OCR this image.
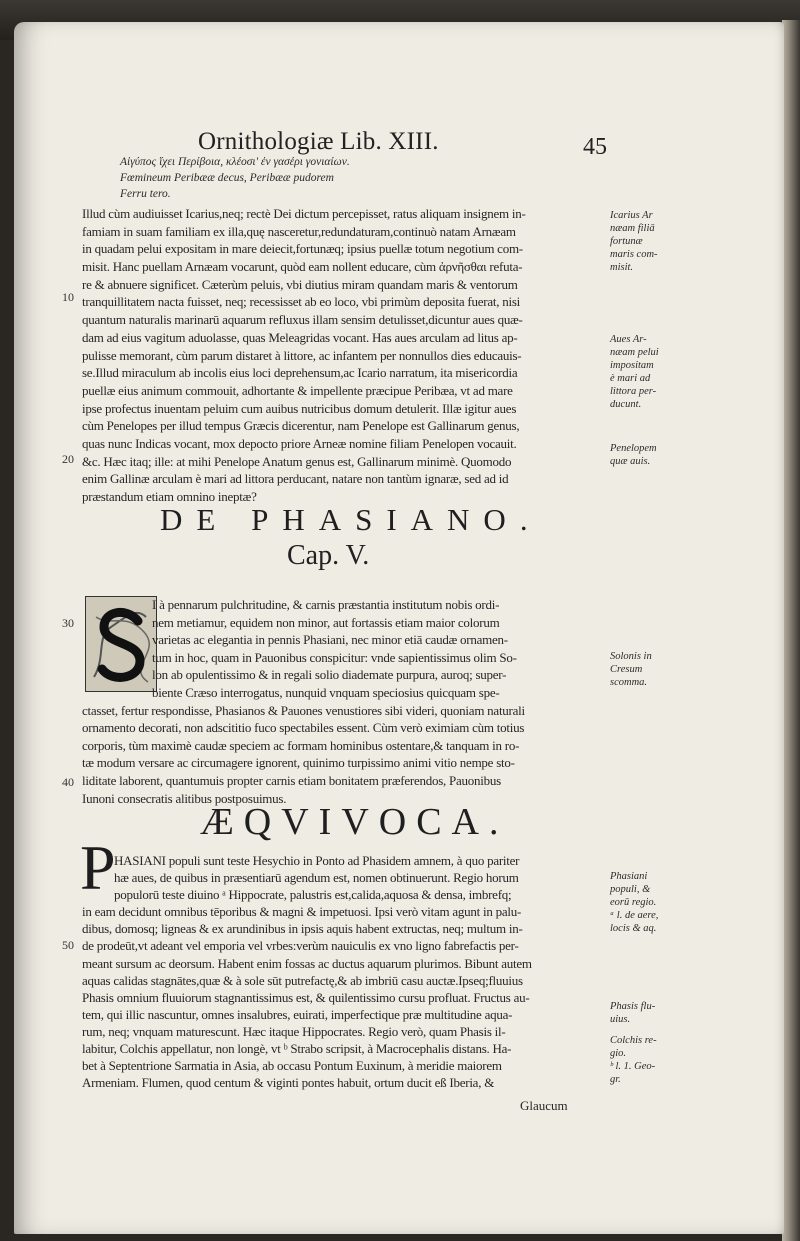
Ornithologiæ Lib. XIII.	45
Αἰγύπος ἴχει Περίβοια, κλέοσι' ἐν γασέρι γονιαίων.
Fœmineum Peribææ decus, Peribææ pudorem
Ferru tero.
Illud cùm audiuisset Icarius,neq; rectè Dei dictum percepisset, ratus aliquam insignem in-
famiam in suam familiam ex illa,quę nasceretur,redundaturam,continuò natam Arnæam
in quadam pelui expositam in mare deiecit,fortunæq; ipsius puellæ totum negotium com-
misit. Hanc puellam Arnæam vocarunt, quòd eam nollent educare, cùm ἀρνῆσθαι refuta-
re & abnuere significet. Cæterùm peluis, vbi diutius miram quandam maris & ventorum
tranquillitatem nacta fuisset, neq; recessisset ab eo loco, vbi primùm deposita fuerat, nisi
quantum naturalis marinarū aquarum refluxus illam sensim detulisset,dicuntur aues quæ-
dam ad eius vagitum aduolasse, quas Meleagridas vocant. Has aues arculam ad litus ap-
pulisse memorant, cùm parum distaret à littore, ac infantem per nonnullos dies educauis-
se.Illud miraculum ab incolis eius loci deprehensum,ac Icario narratum, ita misericordia
puellæ eius animum commouit, adhortante & impellente præcipue Peribæa, vt ad mare
ipse profectus inuentam peluim cum auibus nutricibus domum detulerit. Illæ igitur aues
cùm Penelopes per illud tempus Græcis dicerentur, nam Penelope est Gallinarum genus,
quas nunc Indicas vocant, mox depocto priore Arneæ nomine filiam Penelopen vocauit.
&c. Hæc itaq; ille: at mihi Penelope Anatum genus est, Gallinarum minimè. Quomodo
enim Gallinæ arculam è mari ad littora perducant, natare non tantùm ignaræ, sed ad id
præstandum etiam omnino ineptæ?
10
20
30
40
50
DE PHASIANO.
Cap. V.
I à pennarum pulchritudine, & carnis præstantia institutum nobis ordi-
nem metiamur, equidem non minor, aut fortassis etiam maior colorum
varietas ac elegantia in pennis Phasiani, nec minor etiā caudæ ornamen-
tum in hoc, quam in Pauonibus conspicitur: vnde sapientissimus olim So-
lon ab opulentissimo & in regali solio diademate purpura, auroq; super-
biente Cræso interrogatus, nunquid vnquam speciosius quicquam spe-
ctasset, fertur respondisse, Phasianos & Pauones venustiores sibi videri, quoniam naturali
ornamento decorati, non adscititio fuco spectabiles essent. Cùm verò eximiam cùm totius
corporis, tùm maximè caudæ speciem ac formam hominibus ostentare,& tanquam in ro-
tæ modum versare ac circumagere ignorent, quinimo turpissimo animi vitio nempe sto-
liditate laborent, quantumuis propter carnis etiam bonitatem præferendos, Pauonibus
Iunoni consecratis alitibus postposuimus.
ÆQVIVOCA.
P
HASIANI populi sunt teste Hesychio in Ponto ad Phasidem amnem, à quo pariter
hæ aues, de quibus in præsentiarū agendum est, nomen obtinuerunt. Regio horum
populorū teste diuino ᵃ Hippocrate, palustris est,calida,aquosa & densa, imbrefq;
in eam decidunt omnibus tēporibus & magni & impetuosi. Ipsi verò vitam agunt in palu-
dibus, domosq; ligneas & ex arundinibus in ipsis aquis habent extructas, neq; multum in-
de prodeūt,vt adeant vel emporia vel vrbes:verùm nauiculis ex vno ligno fabrefactis per-
meant sursum ac deorsum. Habent enim fossas ac ductus aquarum plurimos. Bibunt autem
aquas calidas stagnātes,quæ & à sole sūt putrefactę,& ab imbriū casu auctæ.Ipseq;fluuius
Phasis omnium fluuiorum stagnantissimus est, & quilentissimo cursu profluat. Fructus au-
tem, qui illic nascuntur, omnes insalubres, euirati, imperfectique præ multitudine aqua-
rum, neq; vnquam maturescunt. Hæc itaque Hippocrates. Regio verò, quam Phasis il-
labitur, Colchis appellatur, non longè, vt ᵇ Strabo scripsit, à Macrocephalis distans. Ha-
bet à Septentrione Sarmatia in Asia, ab occasu Pontum Euxinum, à meridie maiorem
Armeniam. Flumen, quod centum & viginti pontes habuit, ortum ducit eß Iberia, &
Glaucum
Icarius Ar
næam filiā
fortunæ
maris com-
misit.
Aues Ar-
næam pelui
impositam
è mari ad
littora per-
ducunt.
Penelopem
quæ auis.
Solonis in
Cresum
scomma.
Phasiani
populi, &
eorū regio.
ᵃ l. de aere,
locis & aq.
Phasis flu-
uius.
Colchis re-
gio.
ᵇ l. 1. Geo-
gr.
